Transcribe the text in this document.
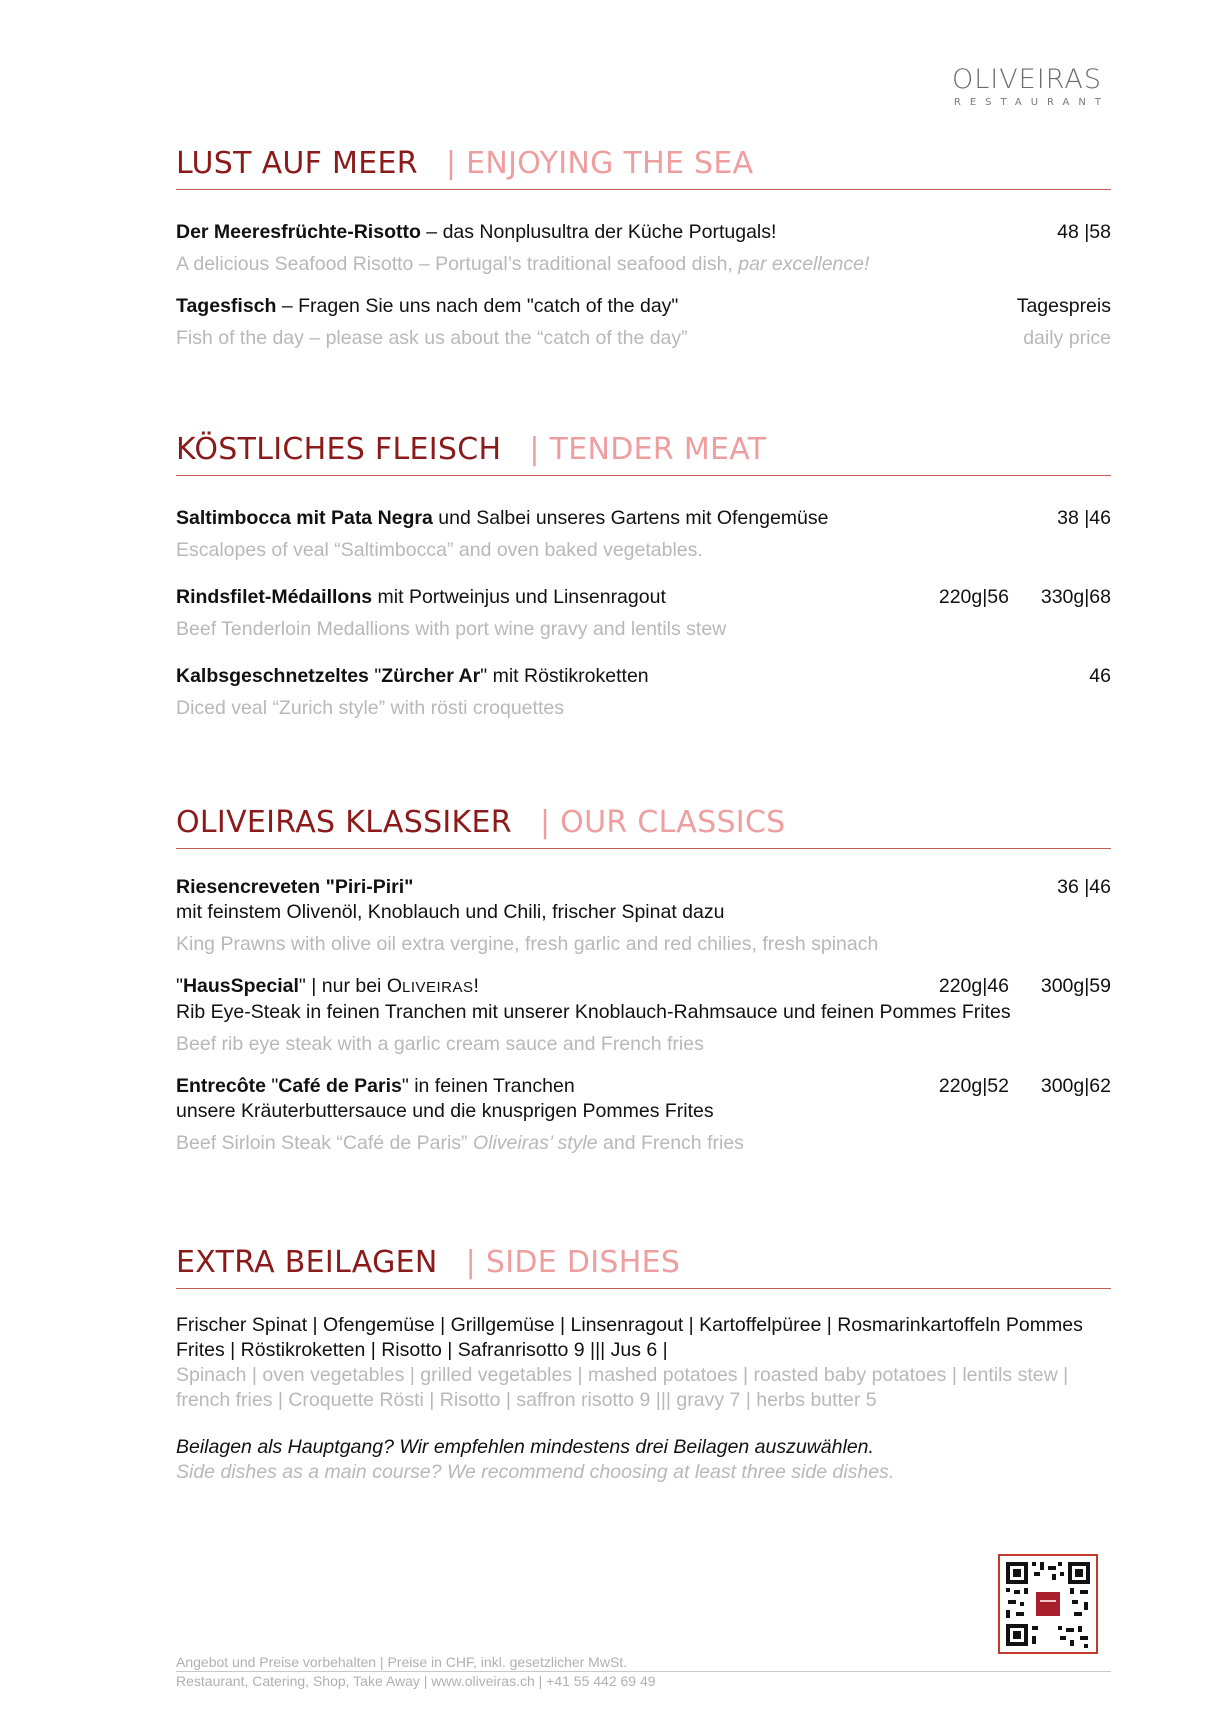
OLIVEIRAS
RESTAURANT
LUST AUF MEER | ENJOYING THE SEA
Der Meeresfrüchte-Risotto – das Nonplusultra der Küche Portugals!
A delicious Seafood Risotto – Portugal’s traditional seafood dish, par excellence!
48 |58
Tagesfisch – Fragen Sie uns nach dem "catch of the day"
Fish of the day – please ask us about the “catch of the day”
Tagespreis
daily price
KÖSTLICHES FLEISCH | TENDER MEAT
Saltimbocca mit Pata Negra und Salbei unseres Gartens mit Ofengemüse
Escalopes of veal “Saltimbocca” and oven baked vegetables.
38 |46
Rindsfilet-Médaillons mit Portweinjus und Linsenragout
Beef Tenderloin Medallions with port wine gravy and lentils stew
220g|56 330g|68
Kalbsgeschnetzeltes "Zürcher Ar" mit Röstikroketten
Diced veal “Zurich style” with rösti croquettes
46
OLIVEIRAS KLASSIKER | OUR CLASSICS
Riesencreveten "Piri-Piri"
mit feinstem Olivenöl, Knoblauch und Chili, frischer Spinat dazu
King Prawns with olive oil extra vergine, fresh garlic and red chilies, fresh spinach
36 |46
"HausSpecial" | nur bei OLIVEIRAS!
Rib Eye-Steak in feinen Tranchen mit unserer Knoblauch-Rahmsauce und feinen Pommes Frites
Beef rib eye steak with a garlic cream sauce and French fries
220g|46 300g|59
Entrecôte "Café de Paris" in feinen Tranchen
unsere Kräuterbuttersauce und die knusprigen Pommes Frites
Beef Sirloin Steak “Café de Paris” Oliveiras’ style and French fries
220g|52 300g|62
EXTRA BEILAGEN | SIDE DISHES
Frischer Spinat | Ofengemüse | Grillgemüse | Linsenragout | Kartoffelpüree | Rosmarinkartoffeln Pommes Frites | Röstikroketten | Risotto | Safranrisotto 9 ||| Jus 6 |
Spinach | oven vegetables | grilled vegetables | mashed potatoes | roasted baby potatoes | lentils stew | french fries | Croquette Rösti | Risotto | saffron risotto 9 ||| gravy 7 | herbs butter 5
Beilagen als Hauptgang? Wir empfehlen mindestens drei Beilagen auszuwählen.
Side dishes as a main course? We recommend choosing at least three side dishes.
Angebot und Preise vorbehalten | Preise in CHF, inkl. gesetzlicher MwSt.
Restaurant, Catering, Shop, Take Away | www.oliveiras.ch | +41 55 442 69 49
